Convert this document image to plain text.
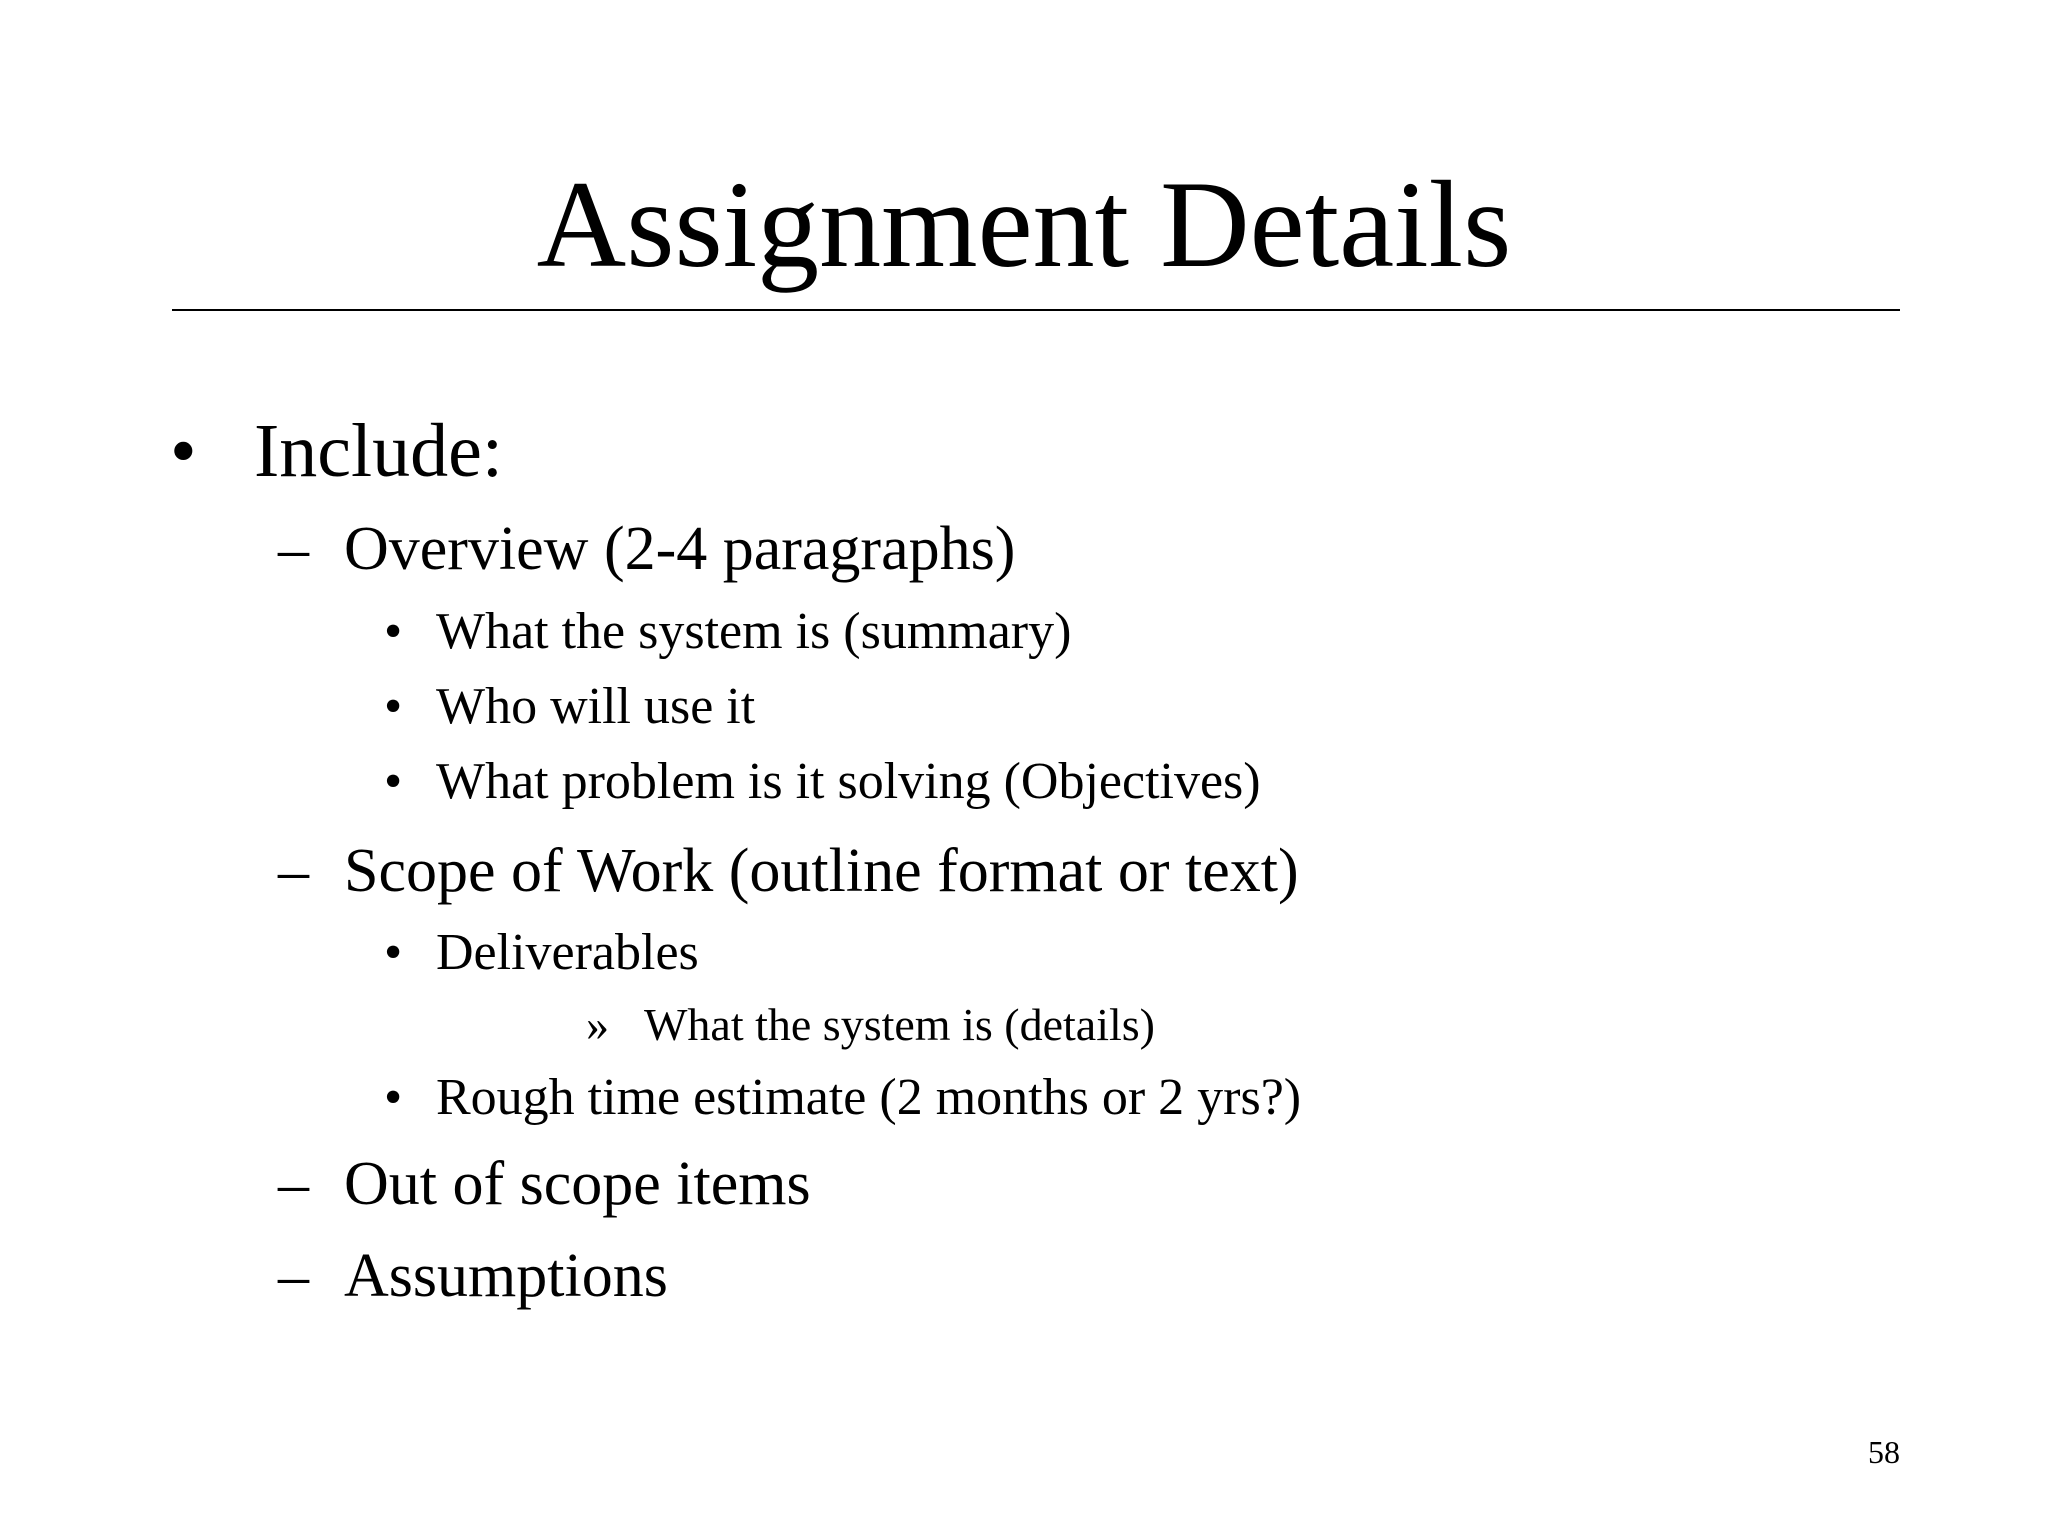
Assignment Details
• Include:
– Overview (2-4 paragraphs)
• What the system is (summary)
• Who will use it
• What problem is it solving (Objectives)
– Scope of Work (outline format or text)
• Deliverables
» What the system is (details)
• Rough time estimate (2 months or 2 yrs?)
– Out of scope items
– Assumptions
58
